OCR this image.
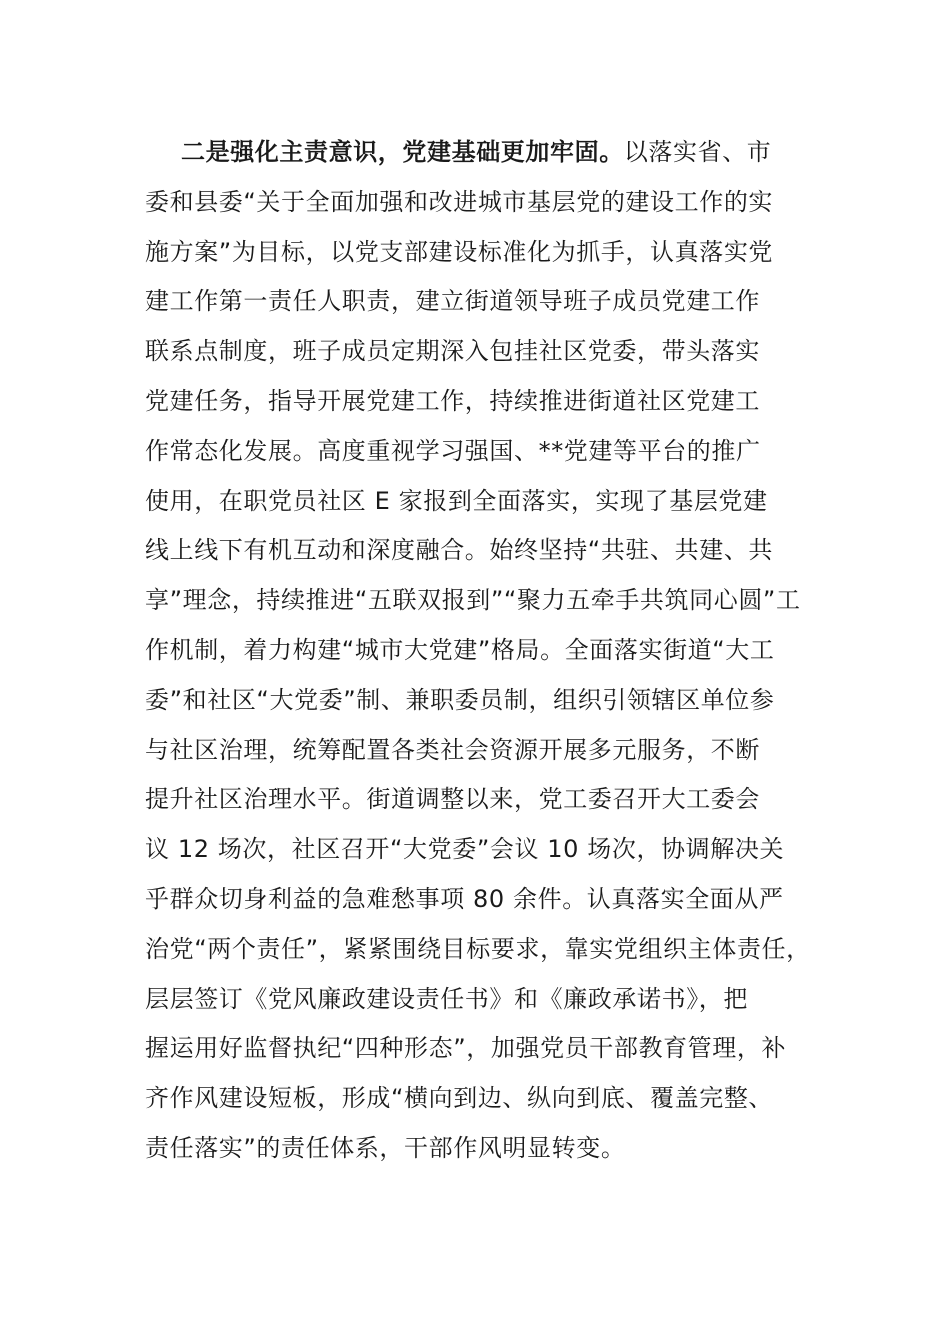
二是强化主责意识，党建基础更加牢固。以落实省、市
委和县委“关于全面加强和改进城市基层党的建设工作的实
施方案”为目标，以党支部建设标准化为抓手，认真落实党
建工作第一责任人职责，建立街道领导班子成员党建工作
联系点制度，班子成员定期深入包挂社区党委，带头落实
党建任务，指导开展党建工作，持续推进街道社区党建工
作常态化发展。高度重视学习强国、**党建等平台的推广
使用，在职党员社区 E 家报到全面落实，实现了基层党建
线上线下有机互动和深度融合。始终坚持“共驻、共建、共
享”理念，持续推进“五联双报到”“聚力五牵手共筑同心圆”工
作机制，着力构建“城市大党建”格局。全面落实街道“大工
委”和社区“大党委”制、兼职委员制，组织引领辖区单位参
与社区治理，统筹配置各类社会资源开展多元服务，不断
提升社区治理水平。街道调整以来，党工委召开大工委会
议 12 场次，社区召开“大党委”会议 10 场次，协调解决关
乎群众切身利益的急难愁事项 80 余件。认真落实全面从严
治党“两个责任”，紧紧围绕目标要求，靠实党组织主体责任，
层层签订《党风廉政建设责任书》和《廉政承诺书》，把
握运用好监督执纪“四种形态”，加强党员干部教育管理，补
齐作风建设短板，形成“横向到边、纵向到底、覆盖完整、
责任落实”的责任体系，干部作风明显转变。
